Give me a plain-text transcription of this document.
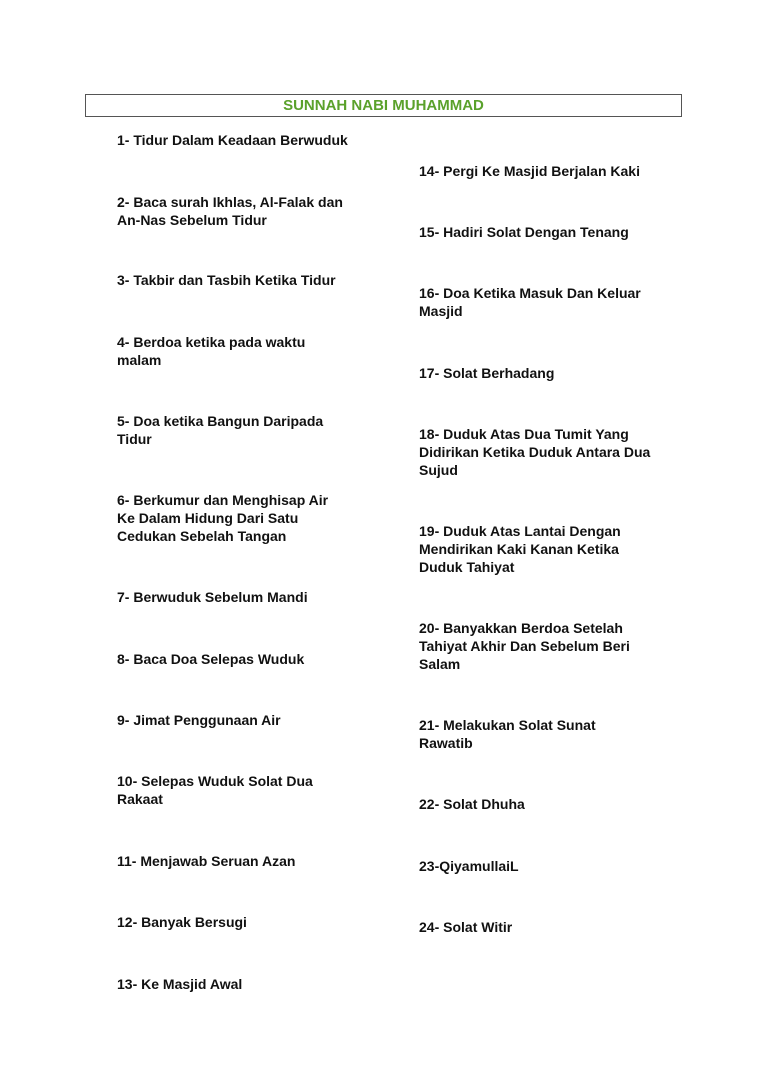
SUNNAH NABI MUHAMMAD
1- Tidur Dalam Keadaan Berwuduk
2- Baca surah Ikhlas, Al-Falak dan
An-Nas Sebelum Tidur
3- Takbir dan Tasbih Ketika Tidur
4- Berdoa ketika pada waktu
malam
5- Doa ketika Bangun Daripada
Tidur
6- Berkumur dan Menghisap Air
Ke Dalam Hidung Dari Satu
Cedukan Sebelah Tangan
7- Berwuduk Sebelum Mandi
8- Baca Doa Selepas Wuduk
9- Jimat Penggunaan Air
10- Selepas Wuduk Solat Dua
Rakaat
11- Menjawab Seruan Azan
12- Banyak Bersugi
13- Ke Masjid Awal
14- Pergi Ke Masjid Berjalan Kaki
15- Hadiri Solat Dengan Tenang
16- Doa Ketika Masuk Dan Keluar
Masjid
17- Solat Berhadang
18- Duduk Atas Dua Tumit Yang
Didirikan Ketika Duduk Antara Dua
Sujud
19- Duduk Atas Lantai Dengan
Mendirikan Kaki Kanan Ketika
Duduk Tahiyat
20- Banyakkan Berdoa Setelah
Tahiyat Akhir Dan Sebelum Beri
Salam
21- Melakukan Solat Sunat
Rawatib
22- Solat Dhuha
23-QiyamullaiL
24- Solat Witir
